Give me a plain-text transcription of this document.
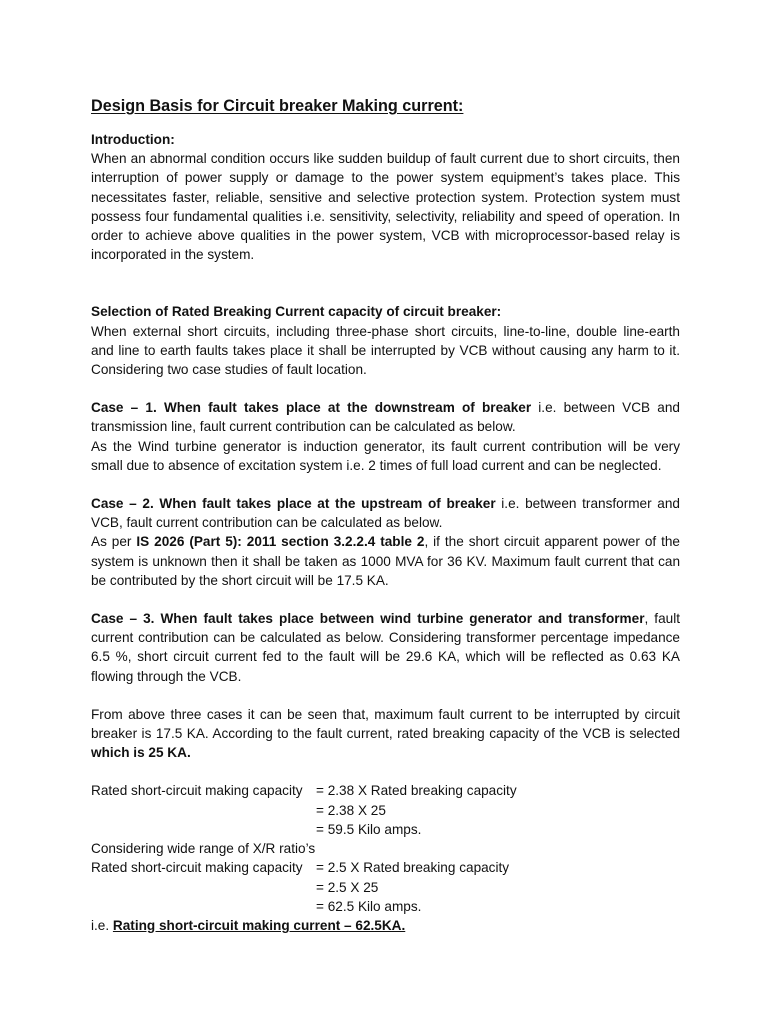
Design Basis for Circuit breaker Making current:

Introduction:

When an abnormal condition occurs like sudden buildup of fault current due to short circuits, then interruption of power supply or damage to the power system equipment’s takes place. This necessitates faster, reliable, sensitive and selective protection system. Protection system must possess four fundamental qualities i.e. sensitivity, selectivity, reliability and speed of operation. In order to achieve above qualities in the power system, VCB with microprocessor-based relay is incorporated in the system.

Selection of Rated Breaking Current capacity of circuit breaker:

When external short circuits, including three-phase short circuits, line-to-line, double line-earth and line to earth faults takes place it shall be interrupted by VCB without causing any harm to it. Considering two case studies of fault location.

Case – 1. When fault takes place at the downstream of breaker i.e. between VCB and transmission line, fault current contribution can be calculated as below.

As the Wind turbine generator is induction generator, its fault current contribution will be very small due to absence of excitation system i.e. 2 times of full load current and can be neglected.

Case – 2. When fault takes place at the upstream of breaker i.e. between transformer and VCB, fault current contribution can be calculated as below.

As per IS 2026 (Part 5): 2011 section 3.2.2.4 table 2, if the short circuit apparent power of the system is unknown then it shall be taken as 1000 MVA for 36 KV. Maximum fault current that can be contributed by the short circuit will be 17.5 KA.

Case – 3. When fault takes place between wind turbine generator and transformer, fault current contribution can be calculated as below. Considering transformer percentage impedance 6.5 %, short circuit current fed to the fault will be 29.6 KA, which will be reflected as 0.63 KA flowing through the VCB.

From above three cases it can be seen that, maximum fault current to be interrupted by circuit breaker is 17.5 KA. According to the fault current, rated breaking capacity of the VCB is selected which is 25 KA.

Rated short-circuit making capacity = 2.38 X Rated breaking capacity
= 2.38 X 25
= 59.5 Kilo amps.

Considering wide range of X/R ratio’s

Rated short-circuit making capacity = 2.5 X Rated breaking capacity
= 2.5 X 25
= 62.5 Kilo amps.

i.e. Rating short-circuit making current – 62.5KA.
